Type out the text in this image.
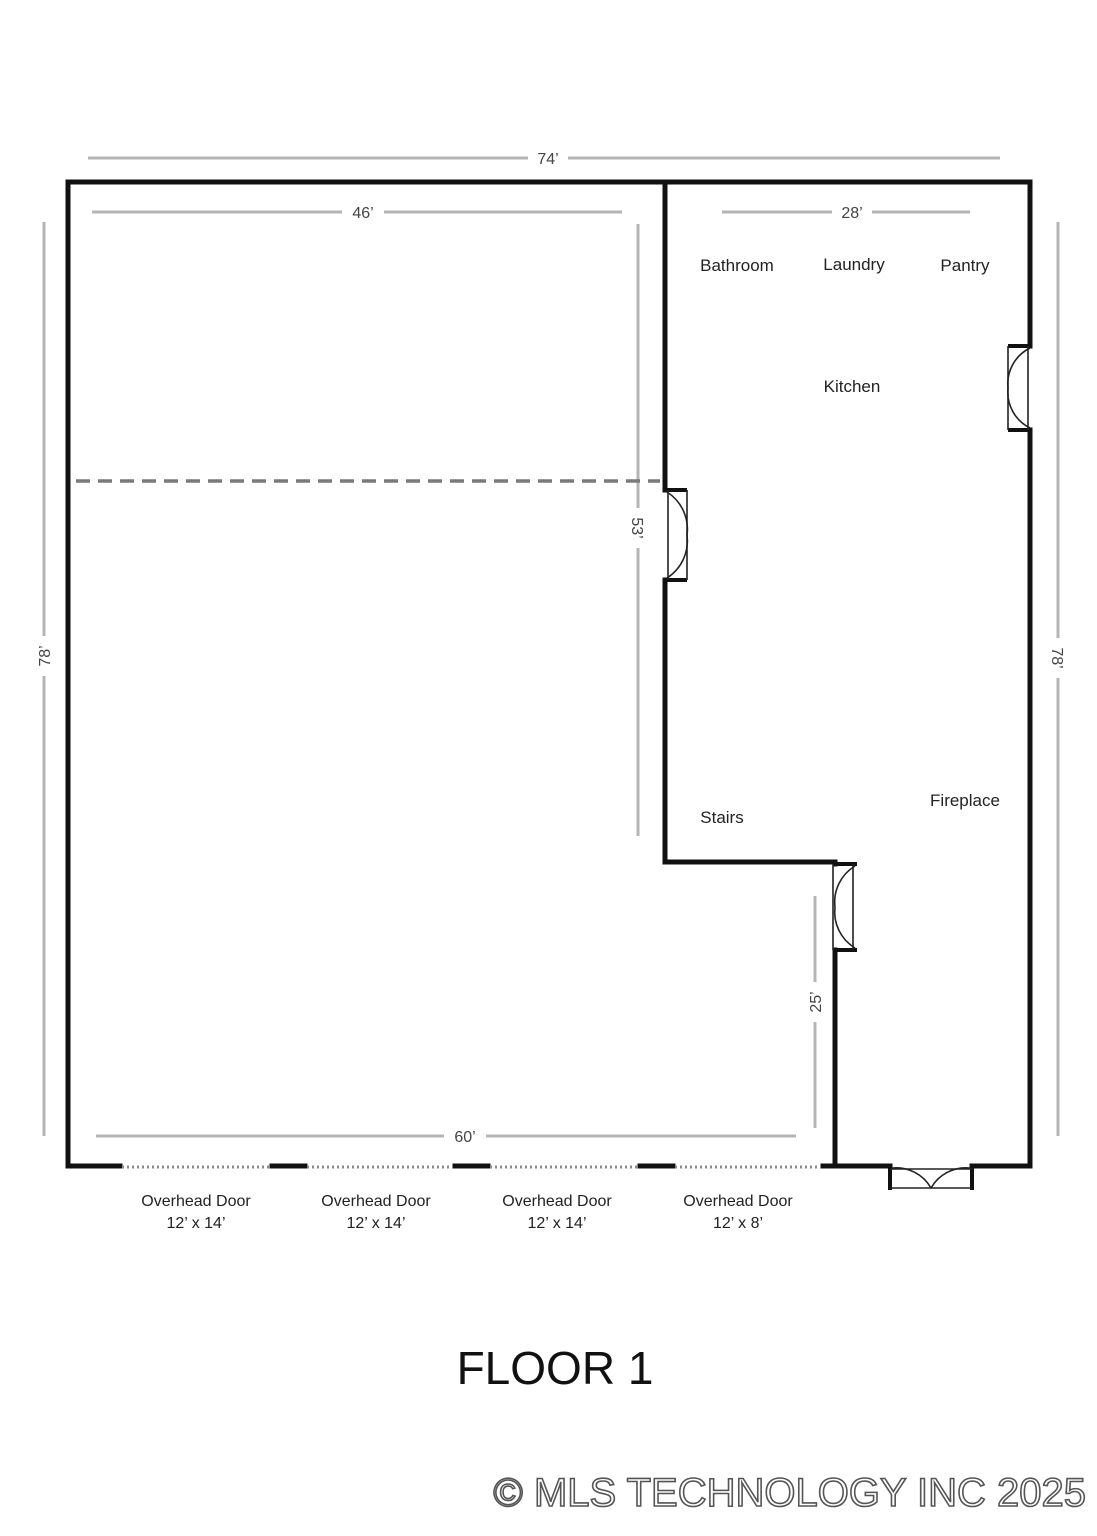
74’
46’	28’
78’	78’
53’
25’
60’
Bathroom	Laundry	Pantry
Kitchen
Stairs
Fireplace
Overhead Door
12’ x 14’
Overhead Door
12’ x 14’
Overhead Door
12’ x 14’
Overhead Door
12’ x 8’
FLOOR 1
© MLS TECHNOLOGY INC 2025
